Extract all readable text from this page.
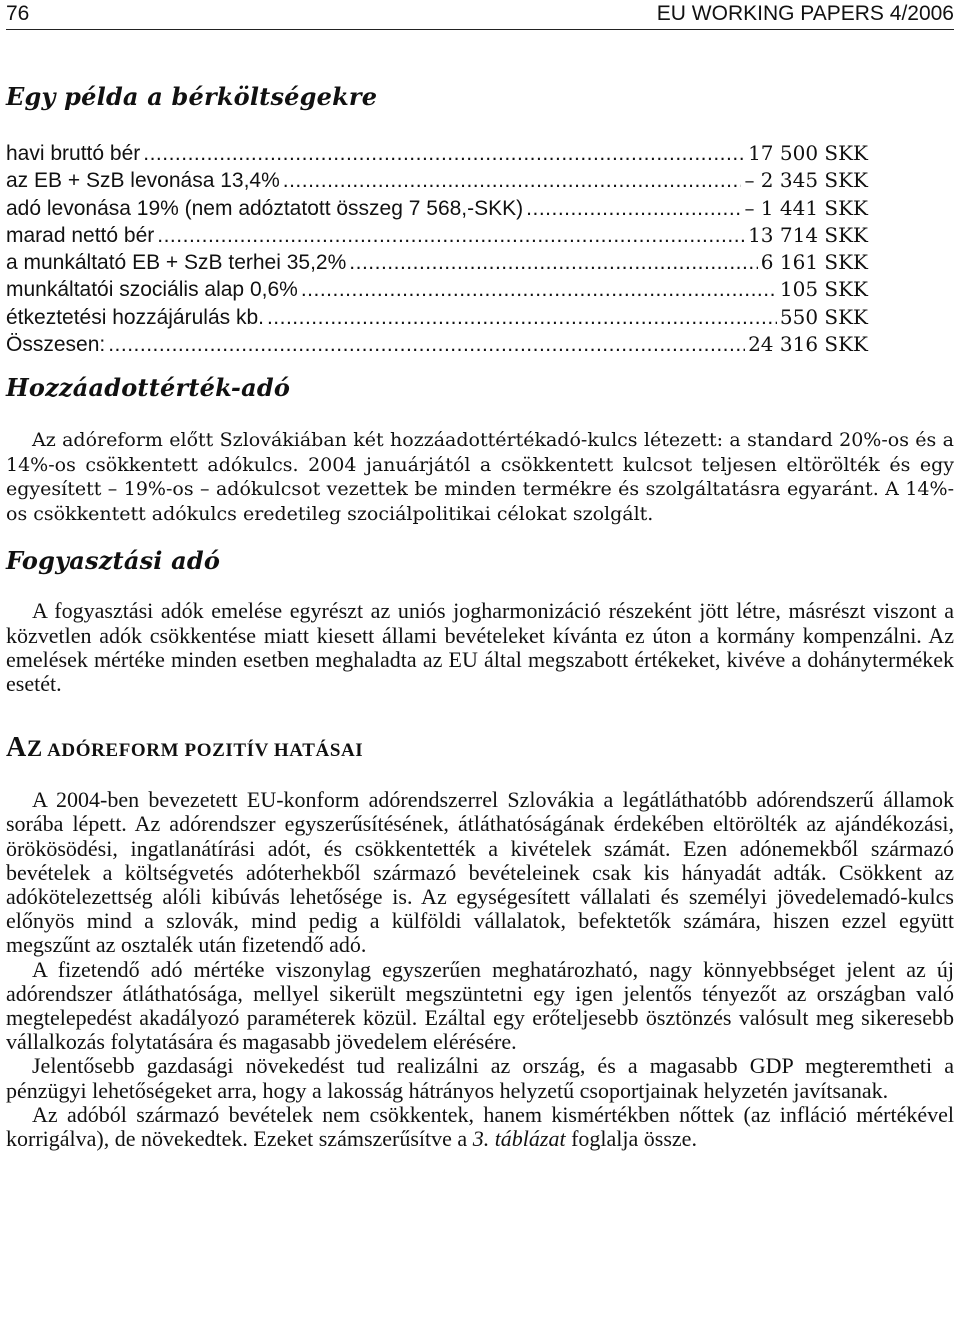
76	EU WORKING PAPERS 4/2006
Egy példa a bérköltségekre
havi bruttó bér .....	17 500 SKK
az EB + SzB levonása 13,4% .....	– 2 345 SKK
adó levonása 19% (nem adóztatott összeg 7 568,-SKK) .....	– 1 441 SKK
marad nettó bér .....	13 714 SKK
a munkáltató EB + SzB terhei 35,2% .....	6 161 SKK
munkáltatói szociális alap 0,6% .....	105 SKK
étkeztetési hozzájárulás kb. .....	550 SKK
Összesen: .....	24 316 SKK
Hozzáadottérték-adó

Az adóreform előtt Szlovákiában két hozzáadottértékadó-kulcs létezett: a standard 20%-os és a 14%-os csökkentett adókulcs. 2004 januárjától a csökkentett kulcsot teljesen eltörölték és egy egyesített – 19%-os – adókulcsot vezettek be minden termékre és szolgáltatásra egyaránt. A 14%-os csökkentett adókulcs eredetileg szociálpolitikai célokat szolgált.

Fogyasztási adó

A fogyasztási adók emelése egyrészt az uniós jogharmonizáció részeként jött létre, másrészt viszont a közvetlen adók csökkentése miatt kiesett állami bevételeket kívánta ez úton a kormány kompenzálni. Az emelések mértéke minden esetben meghaladta az EU által megszabott értékeket, kivéve a dohánytermékek esetét.

AZ ADÓREFORM POZITÍV HATÁSAI

A 2004-ben bevezetett EU-konform adórendszerrel Szlovákia a legátláthatóbb adórendszerű államok sorába lépett. Az adórendszer egyszerűsítésének, átláthatóságának érdekében eltörölték az ajándékozási, örökösödési, ingatlanátírási adót, és csökkentették a kivételek számát. Ezen adónemekből származó bevételek a költségvetés adóterhekből származó bevételeinek csak kis hányadát adták. Csökkent az adókötelezettség alóli kibúvás lehetősége is. Az egységesített vállalati és személyi jövedelemadó-kulcs előnyös mind a szlovák, mind pedig a külföldi vállalatok, befektetők számára, hiszen ezzel együtt megszűnt az osztalék után fizetendő adó.

A fizetendő adó mértéke viszonylag egyszerűen meghatározható, nagy könnyebbséget jelent az új adórendszer átláthatósága, mellyel sikerült megszüntetni egy igen jelentős tényezőt az országban való megtelepedést akadályozó paraméterek közül. Ezáltal egy erőteljesebb ösztönzés valósult meg sikeresebb vállalkozás folytatására és magasabb jövedelem elérésére.

Jelentősebb gazdasági növekedést tud realizálni az ország, és a magasabb GDP megteremtheti a pénzügyi lehetőségeket arra, hogy a lakosság hátrányos helyzetű csoportjainak helyzetén javítsanak.

Az adóból származó bevételek nem csökkentek, hanem kismértékben nőttek (az infláció mértékével korrigálva), de növekedtek. Ezeket számszerűsítve a 3. táblázat foglalja össze.
